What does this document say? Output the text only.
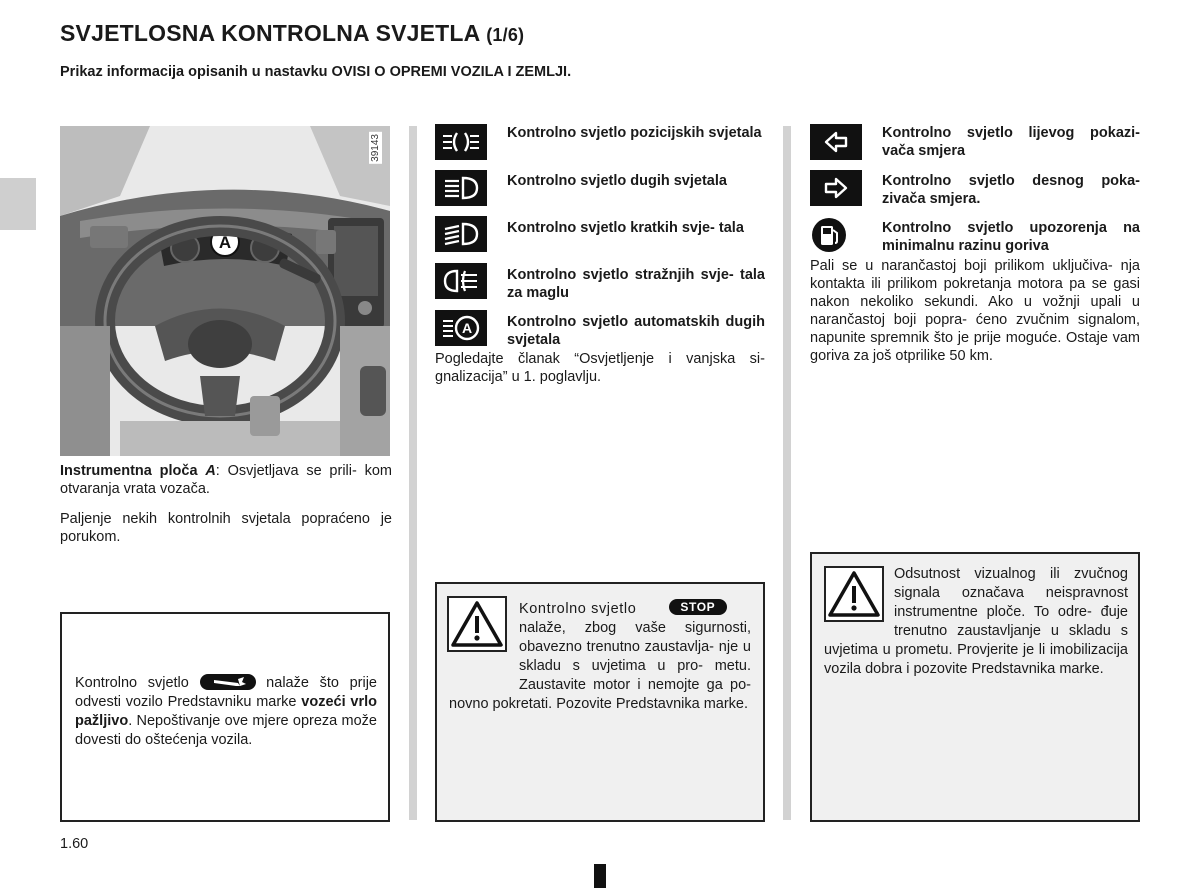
SVJETLOSNA KONTROLNA SVJETLA (1/6)
Prikaz informacija opisanih u nastavku OVISI O OPREMI VOZILA I ZEMLJI.
A
39143
Instrumentna ploča A: Osvjetljava se prili- kom otvaranja vrata vozača.
Paljenje nekih kontrolnih svjetala popraćeno je porukom.
Kontrolno svjetlo	nalaže što prije odvesti vozilo Predstavniku marke vozeći vrlo pažljivo. Nepoštivanje ove mjere opreza može dovesti do oštećenja vozila.
Kontrolno svjetlo pozicijskih svjetala
Kontrolno svjetlo dugih svjetala
Kontrolno svjetlo kratkih svje- tala
Kontrolno svjetlo stražnjih svje- tala za maglu
A Kontrolno svjetlo automatskih dugih svjetala
Pogledajte članak “Osvjetljenje i vanjska si- gnalizacija” u 1. poglavlju.
Kontrolno svjetlo	STOP
nalaže, zbog vaše sigurnosti, obavezno trenutno zaustavlja- nje u skladu s uvjetima u pro- metu. Zaustavite motor i nemojte ga po- novno pokretati. Pozovite Predstavnika marke.
Kontrolno svjetlo lijevog pokazi- vača smjera
Kontrolno svjetlo desnog poka- zivača smjera.
Kontrolno svjetlo upozorenja na minimalnu razinu goriva
Pali se u narančastoj boji prilikom uključiva- nja kontakta ili prilikom pokretanja motora pa se gasi nakon nekoliko sekundi. Ako u vožnji upali u narančastoj boji popra- ćeno zvučnim signalom, napunite spremnik što je prije moguće. Ostaje vam goriva za još otprilike 50 km.
Odsutnost vizualnog ili zvučnog signala označava neispravnost instrumentne ploče. To odre- đuje trenutno zaustavljanje u skladu s uvjetima u prometu. Provjerite je li imobilizacija vozila dobra i pozovite Predstavnika marke.
1.60
